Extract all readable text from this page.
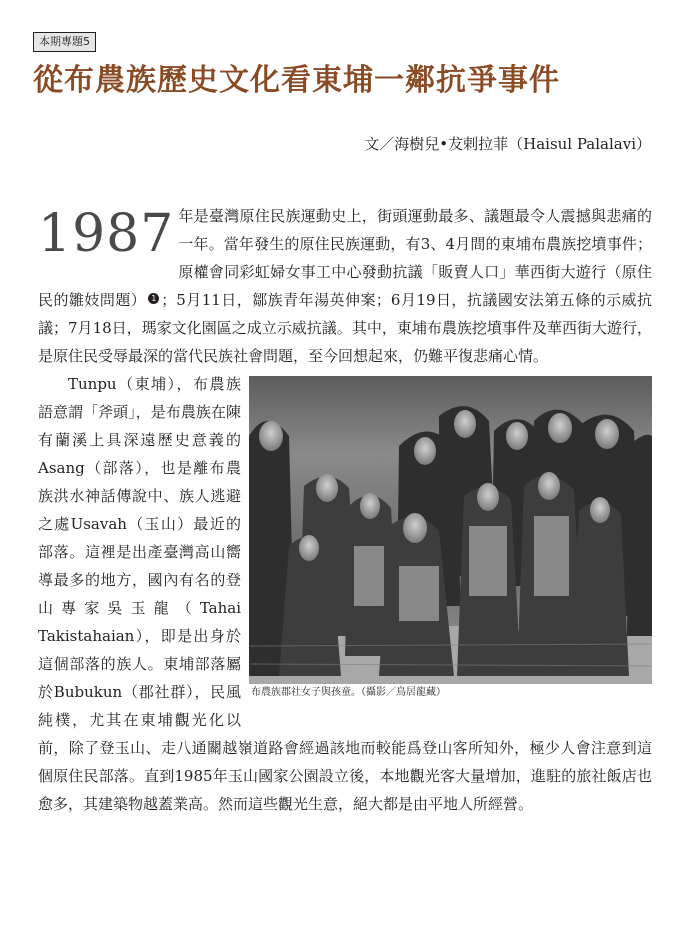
本期專題5
從布農族歷史文化看東埔一鄰抗爭事件
文／海樹兒•犮剌拉菲（Haisul Palalavi）

1987 年是臺灣原住民族運動史上，街頭運動最多、議題最令人震撼與悲痛的一年。當年發生的原住民族運動，有3、4月間的東埔布農族挖墳事件；原權會同彩虹婦女事工中心發動抗議「販賣人口」華西街大遊行（原住民的雛妓問題） 1 ；5月11日，鄒族青年湯英伸案；6月19日，抗議國安法第五條的示威抗議；7月18日，瑪家文化園區之成立示威抗議。其中，東埔布農族挖墳事件及華西街大遊行，是原住民受辱最深的當代民族社會問題，至今回想起來，仍難平復悲痛心情。

布農族郡社女子與孩童。（攝影／鳥居龍藏）

Tunpu（東埔），布農族語意謂「斧頭」，是布農族在陳有蘭溪上具深遠歷史意義的Asang（部落），也是離布農族洪水神話傳說中、族人逃避之處Usavah（玉山）最近的部落。這裡是出產臺灣高山嚮導最多的地方，國內有名的登山專家吳玉龍（Tahai Takistahaian），即是出身於這個部落的族人。東埔部落屬於Bubukun（郡社群），民風純樸，尤其在東埔觀光化以前，除了登玉山、走八通關越嶺道路會經過該地而較能爲登山客所知外，極少人會注意到這個原住民部落。直到1985年玉山國家公園設立後，本地觀光客大量增加，進駐的旅社飯店也愈多，其建築物越蓋業高。然而這些觀光生意，絕大都是由平地人所經營。
